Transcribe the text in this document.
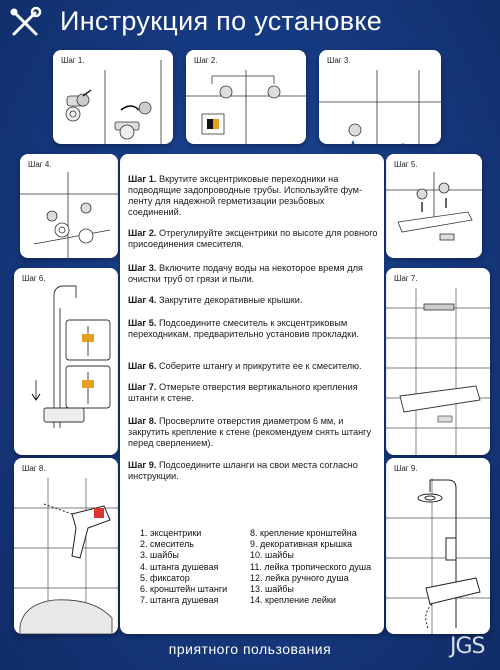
Инструкция по установке
Шаг 1.	Шаг 2.	Шаг 3.
Шаг 4.	Шаг 5.
Шаг 6.	Шаг 7.
Шаг 8.	Шаг 9.
Шаг 1. Вкрутите эксцентриковые переходники на подводящие задопроводные трубы. Используйте фум-ленту для надежной герметизации резьбовых соединений.
Шаг 2. Отрегулируйте эксцентрики по высоте для ровного присоединения смесителя.
Шаг 3. Включите подачу воды на некоторое время для очистки труб от грязи и пыли.
Шаг 4. Закрутите декоративные крышки.
Шаг 5. Подсоедините смеситель к эксцентриковым переходникам, предварительно установив прокладки.
Шаг 6. Соберите штангу и прикрутите ее к смесителю.
Шаг 7. Отмерьте отверстия вертикального крепления штанги к стене.
Шаг 8. Просверлите отверстия диаметром 6 мм, и закрутить крепление к стене (рекомендуем снять штангу перед сверлением).
Шаг 9. Подсоедините шланги на свои места согласно инструкции.
1. эксцентрики
2. смеситель
3. шайбы
4. штанга душевая
5. фиксатор
6. кронштейн штанги
7. штанга душевая
8. крепление кронштейна
9. декоративная крышка
10. шайбы
11. лейка тропического душа
12. лейка ручного душа
13. шайбы
14. крепление лейки
приятного пользования	JGS
